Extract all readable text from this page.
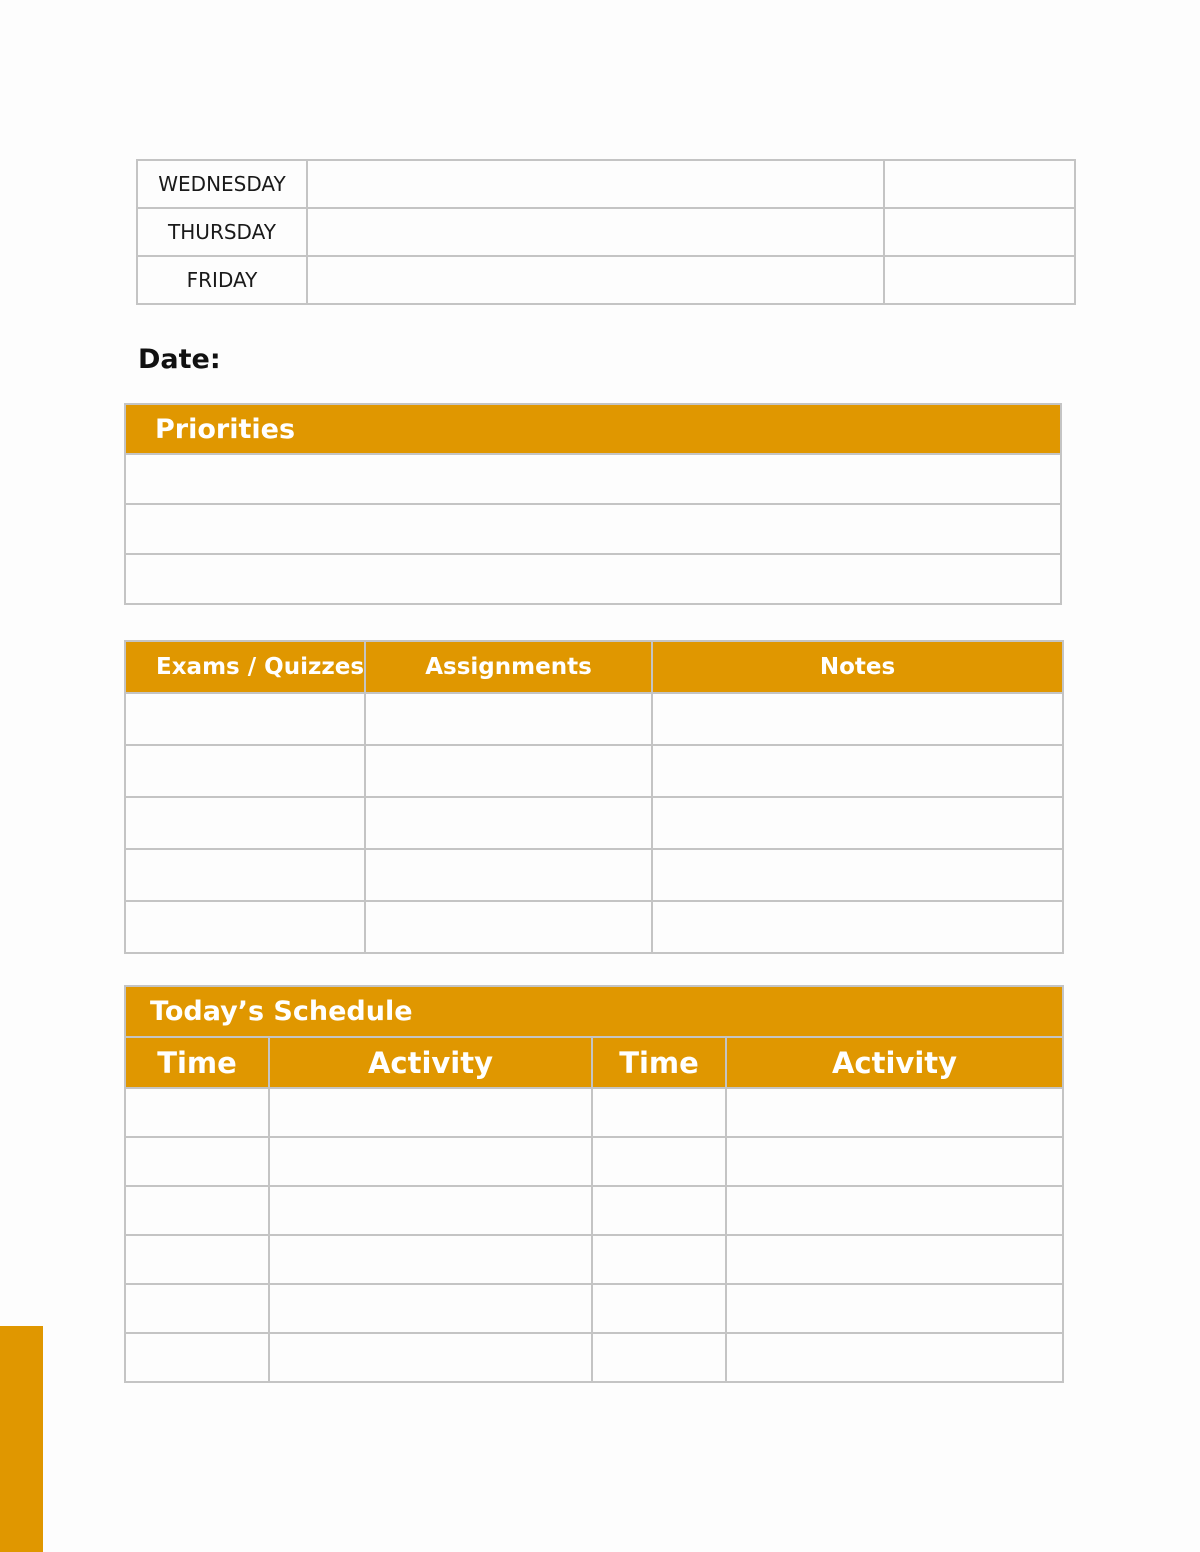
WEDNESDAY		
THURSDAY		
FRIDAY		
Date:
Priorities

Exams / Quizzes	Assignments	Notes

Today’s Schedule			
Time	Activity	Time	Activity
